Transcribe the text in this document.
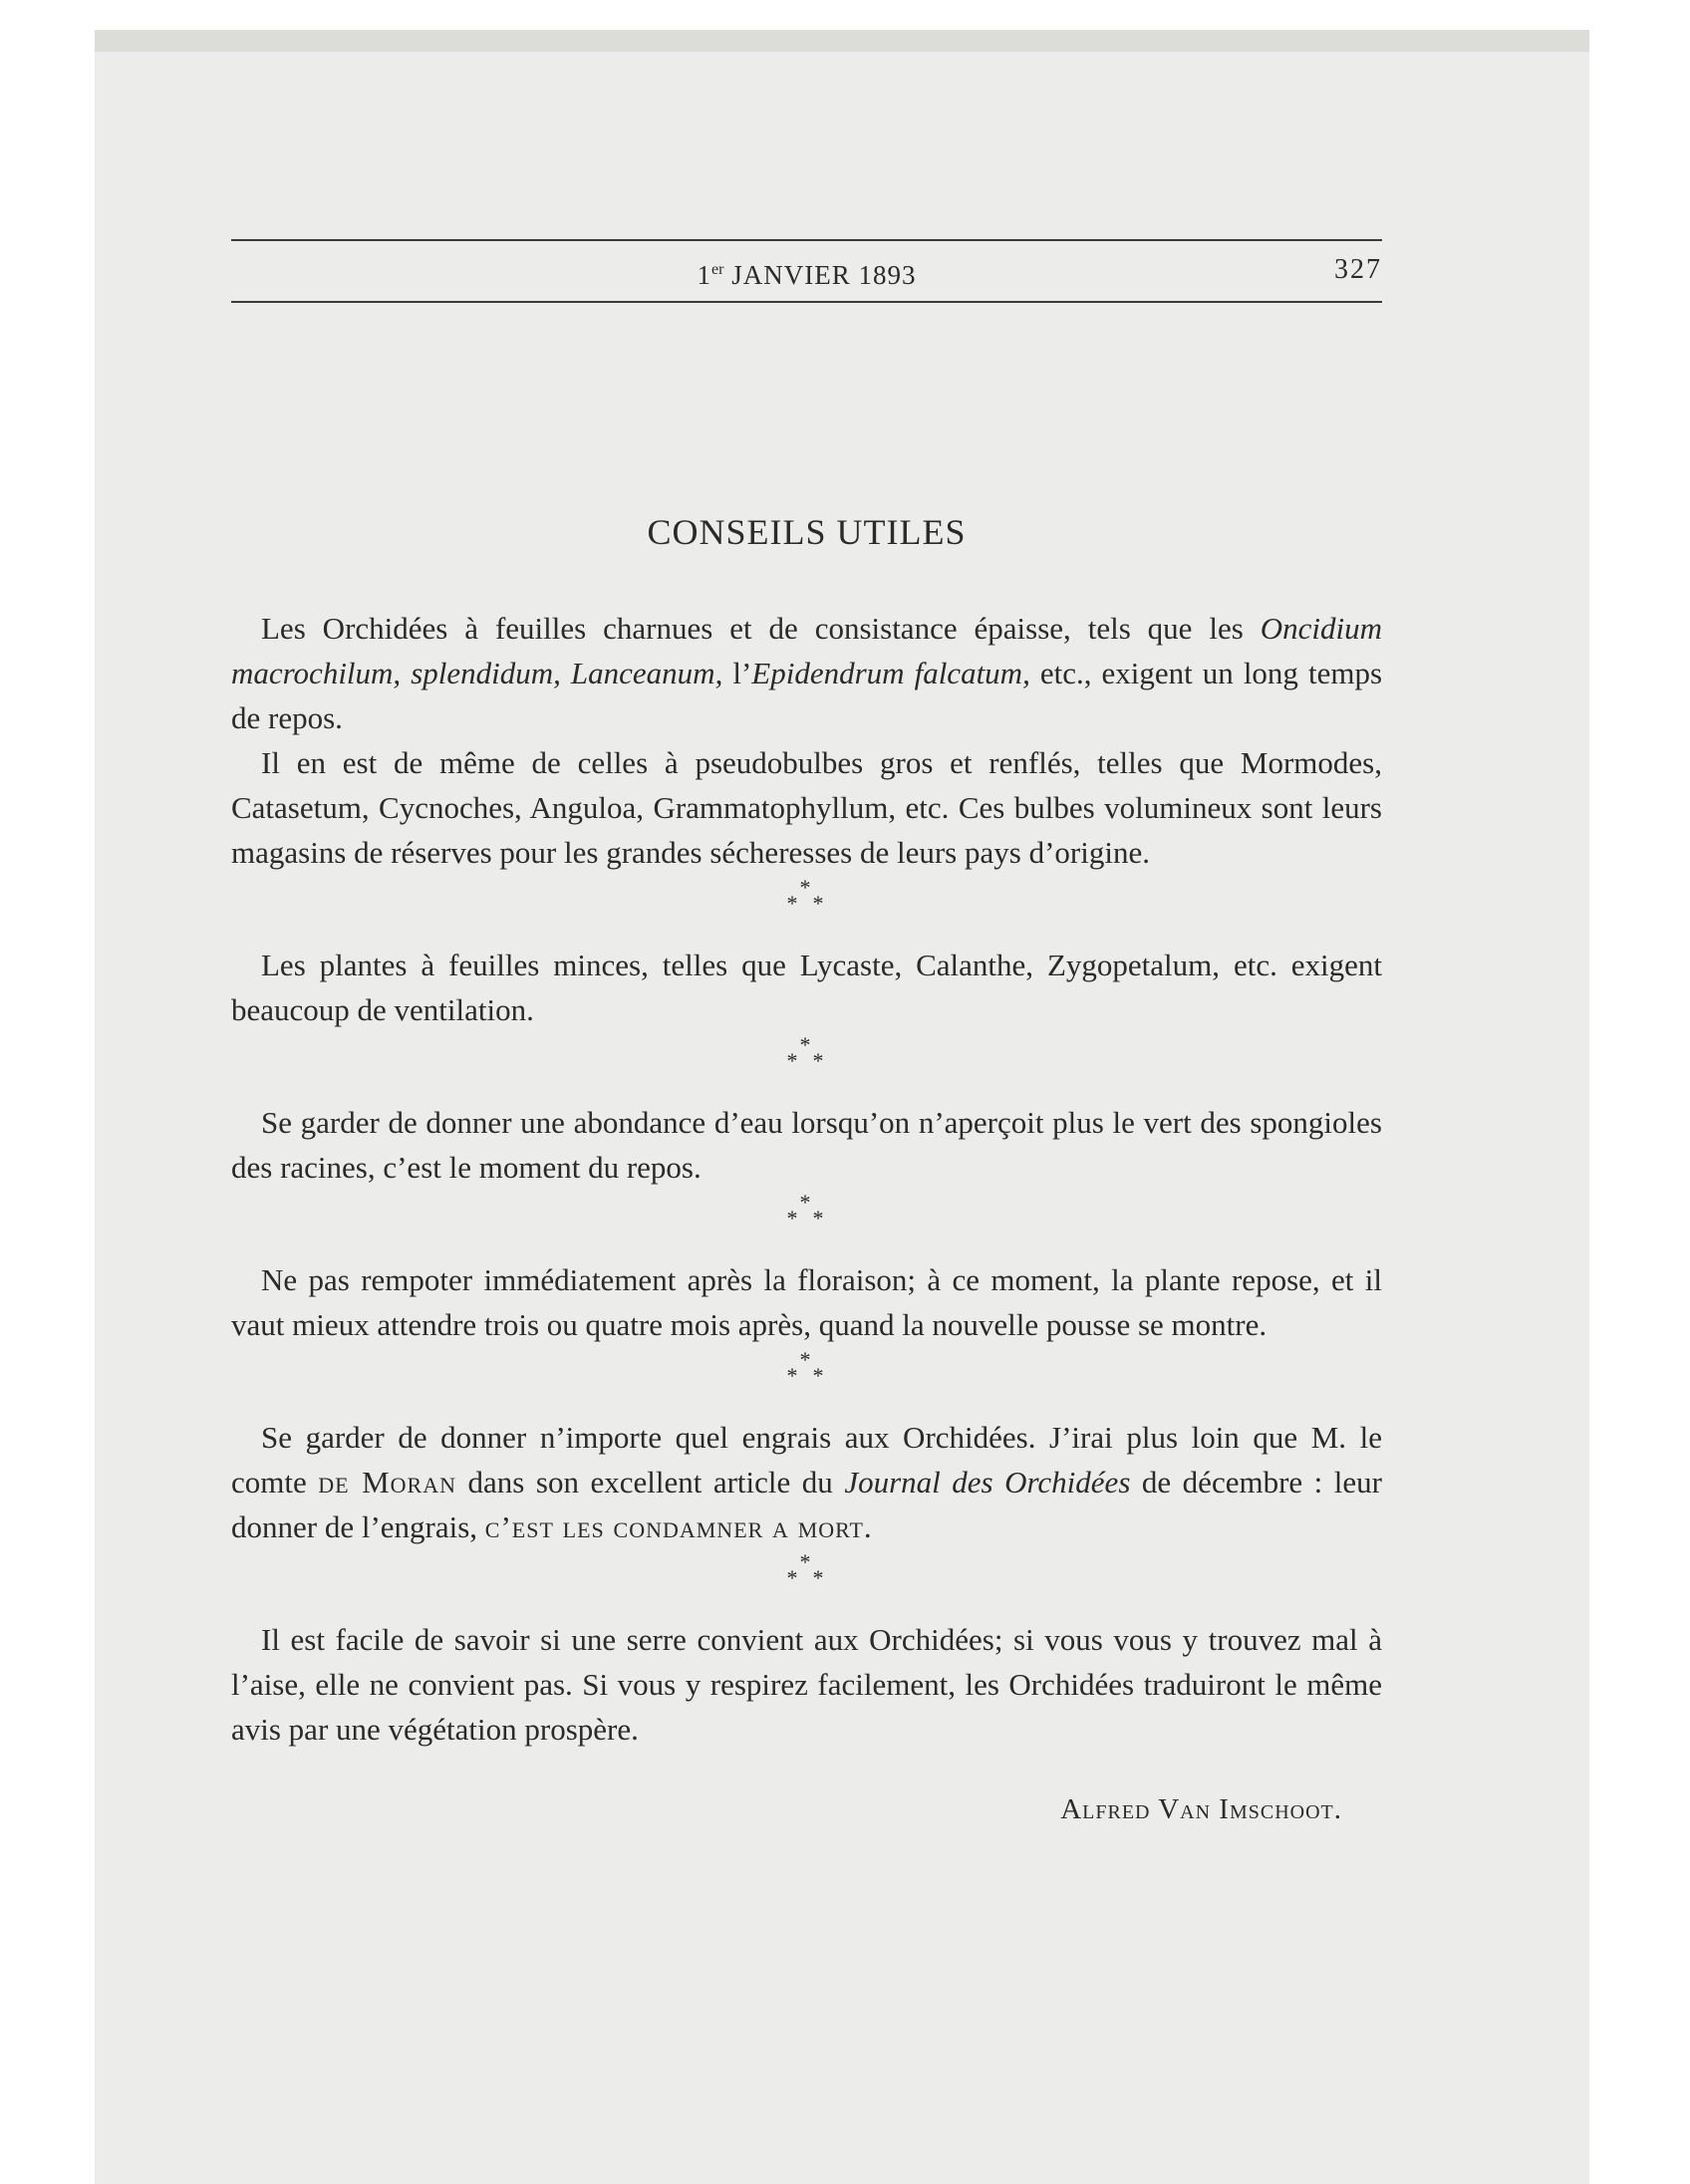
1er JANVIER 1893	327
CONSEILS UTILES

Les Orchidées à feuilles charnues et de consistance épaisse, tels que les Oncidium macrochilum, splendidum, Lanceanum, l’Epidendrum falcatum, etc., exigent un long temps de repos.

Il en est de même de celles à pseudobulbes gros et renflés, telles que Mormodes, Catasetum, Cycnoches, Anguloa, Grammatophyllum, etc. Ces bulbes volumineux sont leurs magasins de réserves pour les grandes sécheresses de leurs pays d’origine.

*
* *

Les plantes à feuilles minces, telles que Lycaste, Calanthe, Zygopetalum, etc. exigent beaucoup de ventilation.

*
* *

Se garder de donner une abondance d’eau lorsqu’on n’aperçoit plus le vert des spongioles des racines, c’est le moment du repos.

*
* *

Ne pas rempoter immédiatement après la floraison; à ce moment, la plante repose, et il vaut mieux attendre trois ou quatre mois après, quand la nouvelle pousse se montre.

*
* *

Se garder de donner n’importe quel engrais aux Orchidées. J’irai plus loin que M. le comte de Moran dans son excellent article du Journal des Orchidées de décembre : leur donner de l’engrais, c’est les condamner a mort.

*
* *

Il est facile de savoir si une serre convient aux Orchidées; si vous vous y trouvez mal à l’aise, elle ne convient pas. Si vous y respirez facilement, les Orchidées traduiront le même avis par une végétation prospère.

Alfred Van Imschoot.
